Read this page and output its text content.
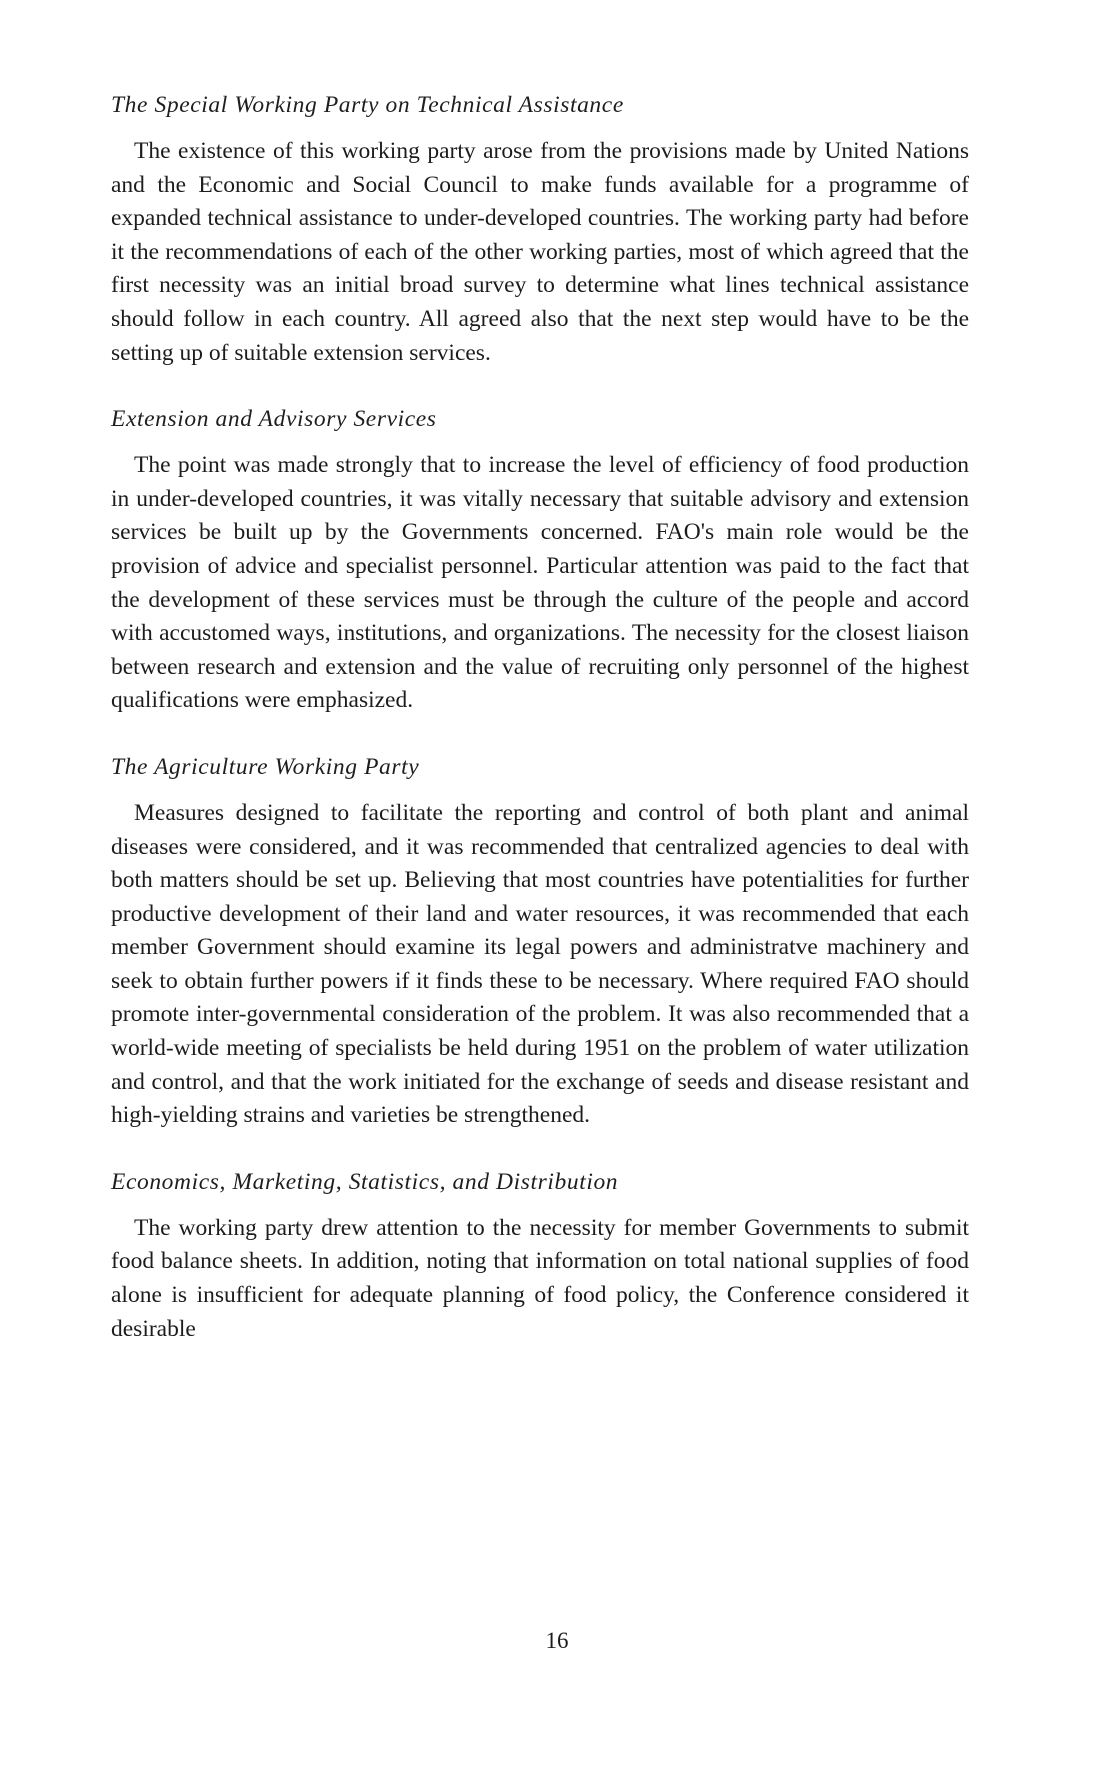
The Special Working Party on Technical Assistance

The existence of this working party arose from the provisions made by United Nations and the Economic and Social Council to make funds available for a programme of expanded technical assistance to under-developed countries. The working party had before it the recommendations of each of the other working parties, most of which agreed that the first necessity was an initial broad survey to determine what lines technical assistance should follow in each country. All agreed also that the next step would have to be the setting up of suitable extension services.

Extension and Advisory Services

The point was made strongly that to increase the level of efficiency of food production in under-developed countries, it was vitally necessary that suitable advisory and extension services be built up by the Governments concerned. FAO's main role would be the provision of advice and specialist personnel. Particular attention was paid to the fact that the development of these services must be through the culture of the people and accord with accustomed ways, institutions, and organizations. The necessity for the closest liaison between research and extension and the value of recruiting only personnel of the highest qualifications were emphasized.

The Agriculture Working Party

Measures designed to facilitate the reporting and control of both plant and animal diseases were considered, and it was recommended that centralized agencies to deal with both matters should be set up. Believing that most countries have potentialities for further productive development of their land and water resources, it was recommended that each member Government should examine its legal powers and administratve machinery and seek to obtain further powers if it finds these to be necessary. Where required FAO should promote inter-governmental consideration of the problem. It was also recommended that a world-wide meeting of specialists be held during 1951 on the problem of water utilization and control, and that the work initiated for the exchange of seeds and disease resistant and high-yielding strains and varieties be strengthened.

Economics, Marketing, Statistics, and Distribution

The working party drew attention to the necessity for member Governments to submit food balance sheets. In addition, noting that information on total national supplies of food alone is insufficient for adequate planning of food policy, the Conference considered it desirable

16
